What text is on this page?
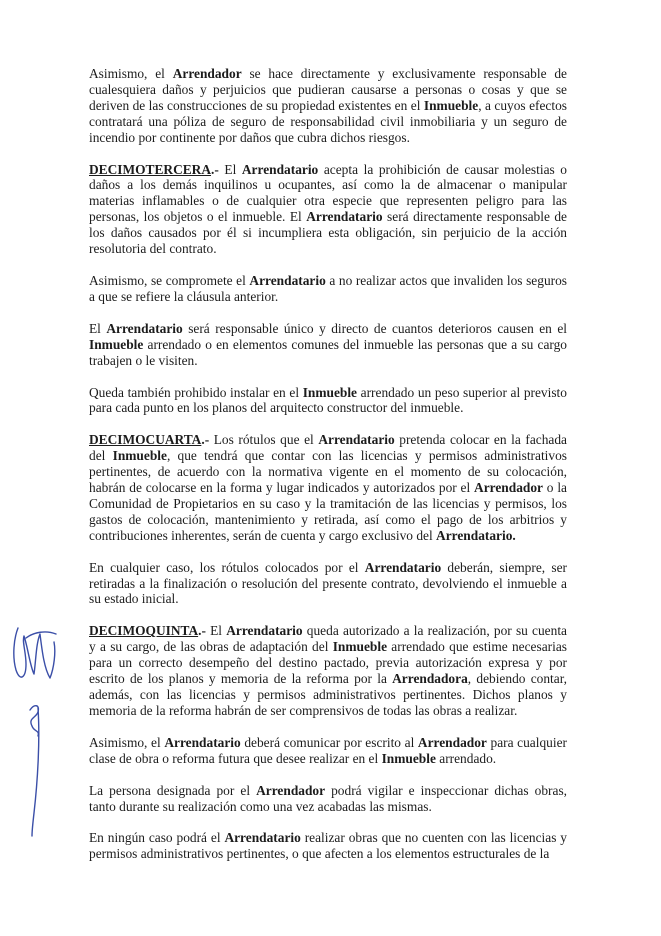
Asimismo, el Arrendador se hace directamente y exclusivamente responsable de cualesquiera daños y perjuicios que pudieran causarse a personas o cosas y que se deriven de las construcciones de su propiedad existentes en el Inmueble, a cuyos efectos contratará una póliza de seguro de responsabilidad civil inmobiliaria y un seguro de incendio por continente por daños que cubra dichos riesgos.

DECIMOTERCERA.- El Arrendatario acepta la prohibición de causar molestias o daños a los demás inquilinos u ocupantes, así como la de almacenar o manipular materias inflamables o de cualquier otra especie que representen peligro para las personas, los objetos o el inmueble. El Arrendatario será directamente responsable de los daños causados por él si incumpliera esta obligación, sin perjuicio de la acción resolutoria del contrato.

Asimismo, se compromete el Arrendatario a no realizar actos que invaliden los seguros a que se refiere la cláusula anterior.

El Arrendatario será responsable único y directo de cuantos deterioros causen en el Inmueble arrendado o en elementos comunes del inmueble las personas que a su cargo trabajen o le visiten.

Queda también prohibido instalar en el Inmueble arrendado un peso superior al previsto para cada punto en los planos del arquitecto constructor del inmueble.

DECIMOCUARTA.- Los rótulos que el Arrendatario pretenda colocar en la fachada del Inmueble, que tendrá que contar con las licencias y permisos administrativos pertinentes, de acuerdo con la normativa vigente en el momento de su colocación, habrán de colocarse en la forma y lugar indicados y autorizados por el Arrendador o la Comunidad de Propietarios en su caso y la tramitación de las licencias y permisos, los gastos de colocación, mantenimiento y retirada, así como el pago de los arbitrios y contribuciones inherentes, serán de cuenta y cargo exclusivo del Arrendatario.

En cualquier caso, los rótulos colocados por el Arrendatario deberán, siempre, ser retiradas a la finalización o resolución del presente contrato, devolviendo el inmueble a su estado inicial.

DECIMOQUINTA.- El Arrendatario queda autorizado a la realización, por su cuenta y a su cargo, de las obras de adaptación del Inmueble arrendado que estime necesarias para un correcto desempeño del destino pactado, previa autorización expresa y por escrito de los planos y memoria de la reforma por la Arrendadora, debiendo contar, además, con las licencias y permisos administrativos pertinentes. Dichos planos y memoria de la reforma habrán de ser comprensivos de todas las obras a realizar.

Asimismo, el Arrendatario deberá comunicar por escrito al Arrendador para cualquier clase de obra o reforma futura que desee realizar en el Inmueble arrendado.

La persona designada por el Arrendador podrá vigilar e inspeccionar dichas obras, tanto durante su realización como una vez acabadas las mismas.

En ningún caso podrá el Arrendatario realizar obras que no cuenten con las licencias y permisos administrativos pertinentes, o que afecten a los elementos estructurales de la
